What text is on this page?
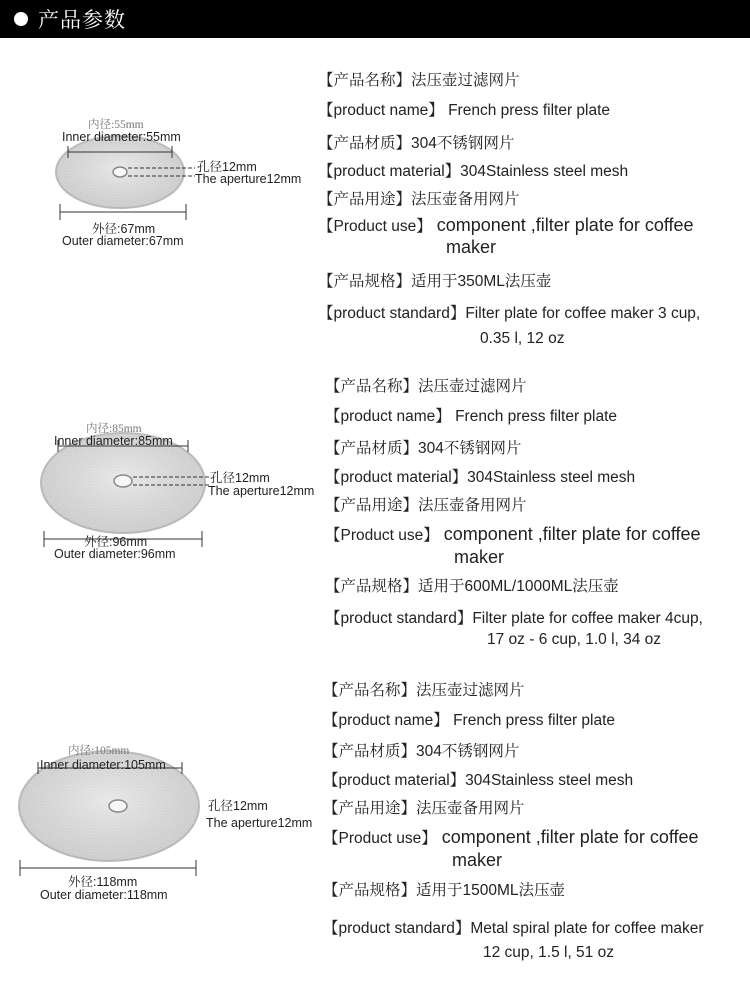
产品参数
内径:55mm
Inner diameter:55mm
孔径12mm
The aperture12mm
外径:67mm
Outer diameter:67mm
【产品名称】法压壶过滤网片
【product name】 French press filter plate
【产品材质】304不锈钢网片
【product material】304Stainless steel mesh
【产品用途】法压壶备用网片
【Product use】 component ,filter plate for coffee
maker
【产品规格】适用于350ML法压壶
【product standard】Filter plate for coffee maker 3 cup,
0.35 l, 12 oz
内径:85mm
Inner diameter:85mm
孔径12mm
The aperture12mm
外径:96mm
Outer diameter:96mm
【产品名称】法压壶过滤网片
【product name】 French press filter plate
【产品材质】304不锈钢网片
【product material】304Stainless steel mesh
【产品用途】法压壶备用网片
【Product use】 component ,filter plate for coffee
maker
【产品规格】适用于600ML/1000ML法压壶
【product standard】Filter plate for coffee maker 4cup,
17 oz - 6 cup, 1.0 l, 34 oz
内径:105mm
Inner diameter:105mm
孔径12mm
The aperture12mm
外径:118mm
Outer diameter:118mm
【产品名称】法压壶过滤网片
【product name】 French press filter plate
【产品材质】304不锈钢网片
【product material】304Stainless steel mesh
【产品用途】法压壶备用网片
【Product use】 component ,filter plate for coffee
maker
【产品规格】适用于1500ML法压壶
【product standard】Metal spiral plate for coffee maker
12 cup, 1.5 l, 51 oz
